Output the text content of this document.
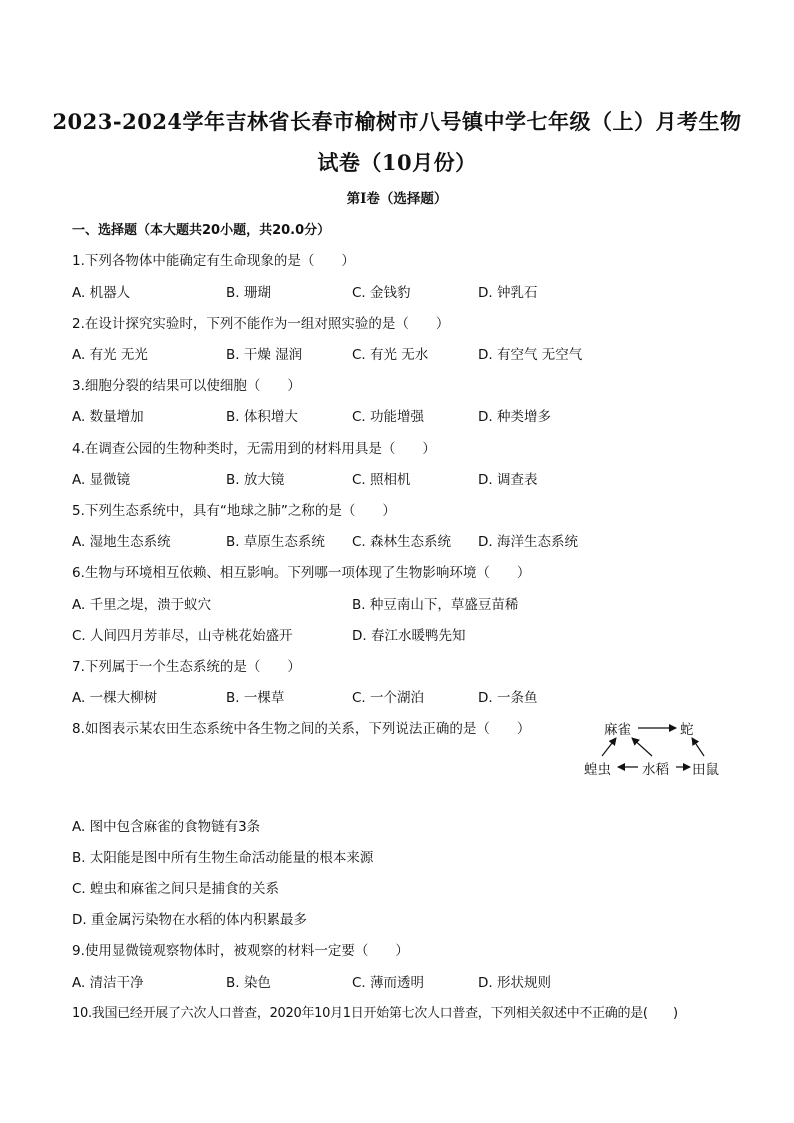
2023-2024学年吉林省长春市榆树市八号镇中学七年级（上）月考生物
试卷（10月份）
第I卷（选择题）
一、选择题（本大题共20小题，共20.0分）
1.下列各物体中能确定有生命现象的是（　　）
A. 机器人	B. 珊瑚	C. 金钱豹	D. 钟乳石
2.在设计探究实验时，下列不能作为一组对照实验的是（　　）
A. 有光 无光	B. 干燥 湿润	C. 有光 无水	D. 有空气 无空气
3.细胞分裂的结果可以使细胞（　　）
A. 数量增加	B. 体积增大	C. 功能增强	D. 种类增多
4.在调查公园的生物种类时，无需用到的材料用具是（　　）
A. 显微镜	B. 放大镜	C. 照相机	D. 调查表
5.下列生态系统中，具有“地球之肺”之称的是（　　）
A. 湿地生态系统	B. 草原生态系统 C. 森林生态系统 D. 海洋生态系统
6.生物与环境相互依赖、相互影响。下列哪一项体现了生物影响环境（　　）
A. 千里之堤，溃于蚁穴	B. 种豆南山下，草盛豆苗稀
C. 人间四月芳菲尽，山寺桃花始盛开	D. 春江水暖鸭先知
7.下列属于一个生态系统的是（　　）
A. 一棵大柳树	B. 一棵草	C. 一个湖泊	D. 一条鱼
8.如图表示某农田生态系统中各生物之间的关系，下列说法正确的是（　　）	麻雀	蛇
蝗虫 水稻 田鼠
A. 图中包含麻雀的食物链有3条
B. 太阳能是图中所有生物生命活动能量的根本来源
C. 蝗虫和麻雀之间只是捕食的关系
D. 重金属污染物在水稻的体内积累最多
9.使用显微镜观察物体时，被观察的材料一定要（　　）
A. 清洁干净	B. 染色	C. 薄而透明	D. 形状规则
10.我国已经开展了六次人口普查，2020年10月1日开始第七次人口普查，下列相关叙述中不正确的是(　　)
